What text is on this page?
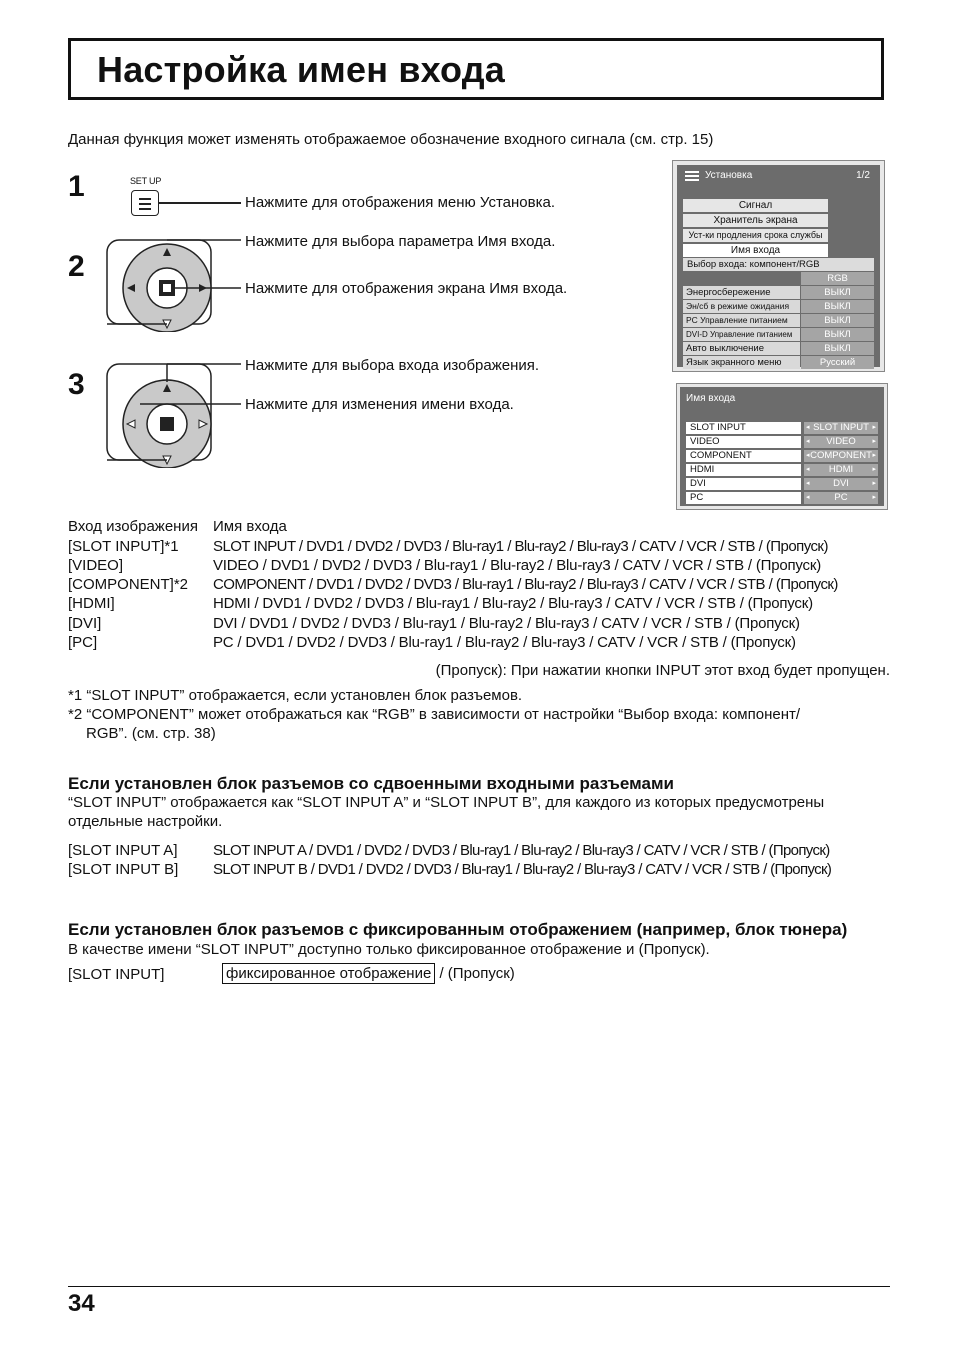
Настройка имен входа
Данная функция может изменять отображаемое обозначение входного сигнала (см. стр. 15)
1
2
3
SET UP
Нажмите для отображения меню Установка.
Нажмите для выбора параметра Имя входа.
Нажмите для отображения экрана Имя входа.
Нажмите для выбора входа изображения.
Нажмите для изменения имени входа.
Установка	1/2
Сигнал
Хранитель экрана
Уст-ки продления срока службы
Имя входа
Выбор входа: компонент/RGB
RGB
Энергосбережение	ВЫКЛ
Эн/сб в режиме ожидания	ВЫКЛ
PC Управление питанием	ВЫКЛ
DVI-D Управление питанием	ВЫКЛ
Авто выключение	ВЫКЛ
Язык экранного меню	Русский
Имя входа
SLOT INPUT	◂ SLOT INPUT ▸
VIDEO	◂ VIDEO ▸
COMPONENT	◂ COMPONENT ▸
HDMI	◂ HDMI	▸
DVI	◂ DVI	▸
PC	◂	PC	▸
Вход изображения Имя входа
[SLOT INPUT]*1 SLOT INPUT / DVD1 / DVD2 / DVD3 / Blu-ray1 / Blu-ray2 / Blu-ray3 / CATV / VCR / STB / (Пропуск)
[VIDEO]	VIDEO / DVD1 / DVD2 / DVD3 / Blu-ray1 / Blu-ray2 / Blu-ray3 / CATV / VCR / STB / (Пропуск)
[COMPONENT]*2 COMPONENT / DVD1 / DVD2 / DVD3 / Blu-ray1 / Blu-ray2 / Blu-ray3 / CATV / VCR / STB / (Пропуск)
[HDMI]	HDMI / DVD1 / DVD2 / DVD3 / Blu-ray1 / Blu-ray2 / Blu-ray3 / CATV / VCR / STB / (Пропуск)
[DVI]	DVI / DVD1 / DVD2 / DVD3 / Blu-ray1 / Blu-ray2 / Blu-ray3 / CATV / VCR / STB / (Пропуск)
[PC]	PC / DVD1 / DVD2 / DVD3 / Blu-ray1 / Blu-ray2 / Blu-ray3 / CATV / VCR / STB / (Пропуск)
(Пропуск): При нажатии кнопки INPUT этот вход будет пропущен.
*1 “SLOT INPUT” отображается, если установлен блок разъемов.
*2 “COMPONENT” может отображаться как “RGB” в зависимости от настройки “Выбор входа: компонент/
RGB”. (см. стр. 38)
Если установлен блок разъемов со сдвоенными входными разъемами
“SLOT INPUT” отображается как “SLOT INPUT A” и “SLOT INPUT B”, для каждого из которых предусмотрены
отдельные настройки.
[SLOT INPUT A] SLOT INPUT A / DVD1 / DVD2 / DVD3 / Blu-ray1 / Blu-ray2 / Blu-ray3 / CATV / VCR / STB / (Пропуск)
[SLOT INPUT B] SLOT INPUT B / DVD1 / DVD2 / DVD3 / Blu-ray1 / Blu-ray2 / Blu-ray3 / CATV / VCR / STB / (Пропуск)
Если установлен блок разъемов с фиксированным отображением (например, блок тюнера)
В качестве имени “SLOT INPUT” доступно только фиксированное отображение и (Пропуск).
[SLOT INPUT]	фиксированное отображение / (Пропуск)
34
